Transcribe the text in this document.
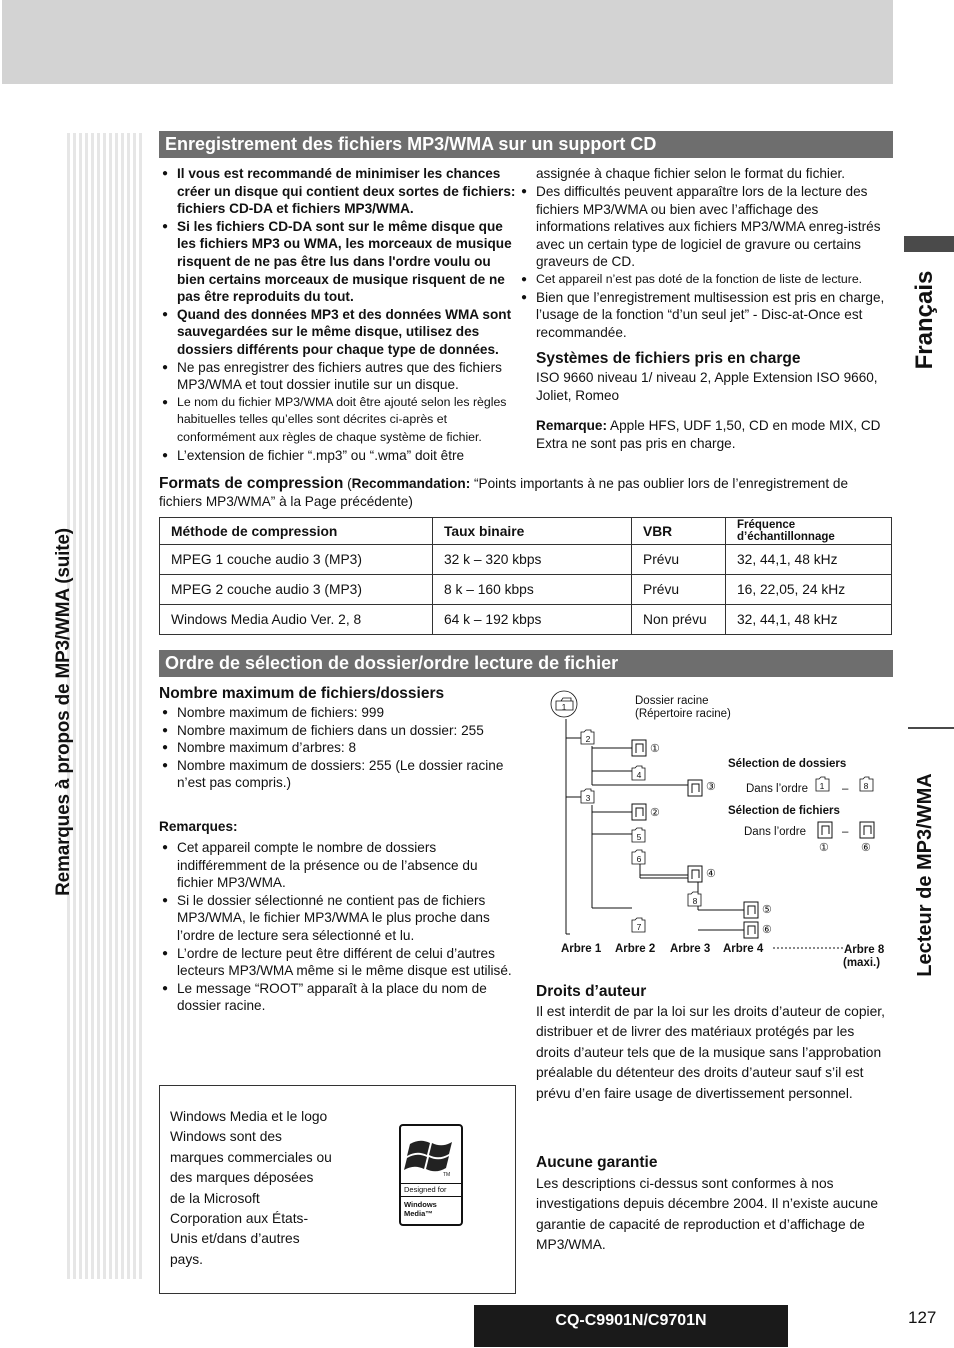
Remarques à propos de MP3/WMA (suite)
Français
Lecteur de MP3/WMA
Enregistrement des fichiers MP3/WMA sur un support CD
● Il vous est recommandé de minimiser les chances créer un disque qui contient deux sortes de fichiers: fichiers CD-DA et fichiers MP3/WMA.
● Si les fichiers CD-DA sont sur le même disque que les fichiers MP3 ou WMA, les morceaux de musique risquent de ne pas être lus dans l'ordre voulu ou bien certains morceaux de musique risquent de ne pas être reproduits du tout.
● Quand des données MP3 et des données WMA sont sauvegardées sur le même disque, utilisez des dossiers différents pour chaque type de données.
● Ne pas enregistrer des fichiers autres que des fichiers MP3/WMA et tout dossier inutile sur un disque.
● Le nom du fichier MP3/WMA doit être ajouté selon les règles habituelles telles qu’elles sont décrites ci-après et conformément aux règles de chaque système de fichier.
● L’extension de fichier “.mp3” ou “.wma” doit être
assignée à chaque fichier selon le format du fichier.
● Des difficultés peuvent apparaître lors de la lecture des fichiers MP3/WMA ou bien avec l’affichage des informations relatives aux fichiers MP3/WMA enreg-istrés avec un certain type de logiciel de gravure ou certains graveurs de CD.
● Cet appareil n’est pas doté de la fonction de liste de lecture.
● Bien que l’enregistrement multisession est pris en charge, l’usage de la fonction “d’un seul jet” - Disc-at-Once est recommandée.
Systèmes de fichiers pris en charge
ISO 9660 niveau 1/ niveau 2, Apple Extension ISO 9660, Joliet, Romeo
Remarque: Apple HFS, UDF 1,50, CD en mode MIX, CD Extra ne sont pas pris en charge.
Formats de compression (Recommandation: “Points importants à ne pas oublier lors de l’enregistrement de fichiers MP3/WMA” à la Page précédente)
Méthode de compression	Taux binaire	VBR	Fréquence d’échantillonnage
MPEG 1 couche audio 3 (MP3)	32 k – 320 kbps	Prévu	32, 44,1, 48 kHz
MPEG 2 couche audio 3 (MP3)	8 k – 160 kbps	Prévu	16, 22,05, 24 kHz
Windows Media Audio Ver. 2, 8	64 k – 192 kbps	Non prévu	32, 44,1, 48 kHz
Ordre de sélection de dossier/ordre lecture de fichier
Nombre maximum de fichiers/dossiers
● Nombre maximum de fichiers: 999
● Nombre maximum de fichiers dans un dossier: 255
● Nombre maximum d’arbres: 8
● Nombre maximum de dossiers: 255 (Le dossier racine n’est pas compris.)
Remarques:
● Cet appareil compte le nombre de dossiers indifféremment de la présence ou de l’absence du fichier MP3/WMA.
● Si le dossier sélectionné ne contient pas de fichiers MP3/WMA, le fichier MP3/WMA le plus proche dans l’ordre de lecture sera sélectionné et lu.
● L’ordre de lecture peut être différent de celui d’autres lecteurs MP3/WMA même si le même disque est utilisé.
● Le message “ROOT” apparaît à la place du nom de dossier racine.
1
2
3
4
5
6
7
8
1	8
①
②
③
④
⑤
⑥
①	⑥
Dossier racine
(Répertoire racine)
Sélection de dossiers
Dans l’ordre	–
Sélection de fichiers
Dans l’ordre	–
Arbre 1 Arbre 2 Arbre 3 Arbre 4	Arbre 8
(maxi.)
Droits d’auteur
Il est interdit de par la loi sur les droits d’auteur de copier, distribuer et de livrer des matériaux protégés par les droits d’auteur tels que de la musique sans l’approbation préalable du détenteur des droits d’auteur sauf s’il est prévu d’en faire usage de divertissement personnel.
Aucune garantie
Les descriptions ci-dessus sont conformes à nos investigations depuis décembre 2004. Il n’existe aucune garantie de capacité de reproduction et d’affichage de MP3/WMA.
Windows Media et le logo Windows sont des marques commerciales ou des marques déposées de la Microsoft Corporation aux États-Unis et/dans d’autres pays.
TM
Designed for
Windows
Media™
CQ-C9901N/C9701N	127
